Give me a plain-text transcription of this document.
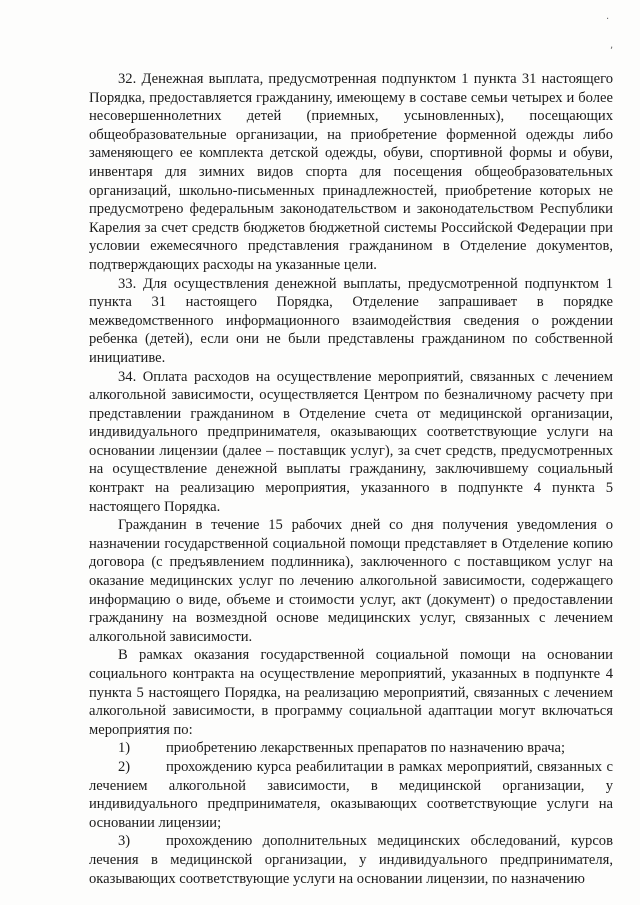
·
,

32. Денежная выплата, предусмотренная подпунктом 1 пункта 31 настоящего Порядка, предоставляется гражданину, имеющему в составе семьи четырех и более несовершеннолетних детей (приемных, усыновленных), посещающих общеобразовательные организации, на приобретение форменной одежды либо заменяющего ее комплекта детской одежды, обуви, спортивной формы и обуви, инвентаря для зимних видов спорта для посещения общеобразовательных организаций, школьно-письменных принадлежностей, приобретение которых не предусмотрено федеральным законодательством и законодательством Республики Карелия за счет средств бюджетов бюджетной системы Российской Федерации при условии ежемесячного представления гражданином в Отделение документов, подтверждающих расходы на указанные цели.

33. Для осуществления денежной выплаты, предусмотренной подпунктом 1 пункта 31 настоящего Порядка, Отделение запрашивает в порядке межведомственного информационного взаимодействия сведения о рождении ребенка (детей), если они не были представлены гражданином по собственной инициативе.

34. Оплата расходов на осуществление мероприятий, связанных с лечением алкогольной зависимости, осуществляется Центром по безналичному расчету при представлении гражданином в Отделение счета от медицинской организации, индивидуального предпринимателя, оказывающих соответствующие услуги на основании лицензии (далее – поставщик услуг), за счет средств, предусмотренных на осуществление денежной выплаты гражданину, заключившему социальный контракт на реализацию мероприятия, указанного в подпункте 4 пункта 5 настоящего Порядка.

Гражданин в течение 15 рабочих дней со дня получения уведомления о назначении государственной социальной помощи представляет в Отделение копию договора (с предъявлением подлинника), заключенного с поставщиком услуг на оказание медицинских услуг по лечению алкогольной зависимости, содержащего информацию о виде, объеме и стоимости услуг, акт (документ) о предоставлении гражданину на возмездной основе медицинских услуг, связанных с лечением алкогольной зависимости.

В рамках оказания государственной социальной помощи на основании социального контракта на осуществление мероприятий, указанных в подпункте 4 пункта 5 настоящего Порядка, на реализацию мероприятий, связанных с лечением алкогольной зависимости, в программу социальной адаптации могут включаться мероприятия по:

1) приобретению лекарственных препаратов по назначению врача;

2) прохождению курса реабилитации в рамках мероприятий, связанных с лечением алкогольной зависимости, в медицинской организации, у индивидуального предпринимателя, оказывающих соответствующие услуги на основании лицензии;

3) прохождению дополнительных медицинских обследований, курсов лечения в медицинской организации, у индивидуального предпринимателя, оказывающих соответствующие услуги на основании лицензии, по назначению
